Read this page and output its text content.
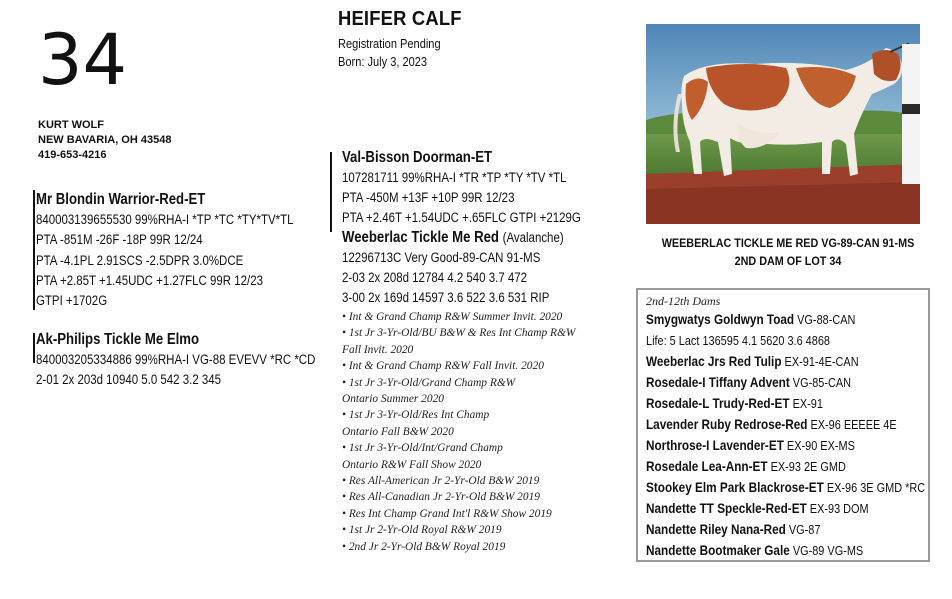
34
KURT WOLF
NEW BAVARIA, OH 43548
419-653-4216
HEIFER CALF
Registration Pending
Born: July 3, 2023
Mr Blondin Warrior-Red-ET
840003139655530 99%RHA-I *TP *TC *TY*TV*TL
PTA -851M -26F -18P 99R 12/24
PTA -4.1PL 2.91SCS -2.5DPR 3.0%DCE
PTA +2.85T +1.45UDC +1.27FLC 99R 12/23
GTPI +1702G
Ak-Philips Tickle Me Elmo
840003205334886 99%RHA-I VG-88 EVEVV *RC *CD
2-01 2x 203d 10940 5.0 542 3.2 345
Val-Bisson Doorman-ET
107281711 99%RHA-I *TR *TP *TY *TV *TL
PTA -450M +13F +10P 99R 12/23
PTA +2.46T +1.54UDC +.65FLC GTPI +2129G
Weeberlac Tickle Me Red (Avalanche)
12296713C Very Good-89-CAN 91-MS
2-03 2x 208d 12784 4.2 540 3.7 472
3-00 2x 169d 14597 3.6 522 3.6 531 RIP
• Int & Grand Champ R&W Summer Invit. 2020
• 1st Jr 3-Yr-Old/BU B&W & Res Int Champ R&W
Fall Invit. 2020
• Int & Grand Champ R&W Fall Invit. 2020
• 1st Jr 3-Yr-Old/Grand Champ R&W
Ontario Summer 2020
• 1st Jr 3-Yr-Old/Res Int Champ
Ontario Fall B&W 2020
• 1st Jr 3-Yr-Old/Int/Grand Champ
Ontario R&W Fall Show 2020
• Res All-American Jr 2-Yr-Old B&W 2019
• Res All-Canadian Jr 2-Yr-Old B&W 2019
• Res Int Champ Grand Int'l R&W Show 2019
• 1st Jr 2-Yr-Old Royal R&W 2019
• 2nd Jr 2-Yr-Old B&W Royal 2019
WEEBERLAC TICKLE ME RED VG-89-CAN 91-MS
2ND DAM OF LOT 34
2nd-12th Dams
Smygwatys Goldwyn Toad VG-88-CAN
Life: 5 Lact 136595 4.1 5620 3.6 4868
Weeberlac Jrs Red Tulip EX-91-4E-CAN
Rosedale-I Tiffany Advent VG-85-CAN
Rosedale-L Trudy-Red-ET EX-91
Lavender Ruby Redrose-Red EX-96 EEEEE 4E
Northrose-I Lavender-ET EX-90 EX-MS
Rosedale Lea-Ann-ET EX-93 2E GMD
Stookey Elm Park Blackrose-ET EX-96 3E GMD *RC
Nandette TT Speckle-Red-ET EX-93 DOM
Nandette Riley Nana-Red VG-87
Nandette Bootmaker Gale VG-89 VG-MS
